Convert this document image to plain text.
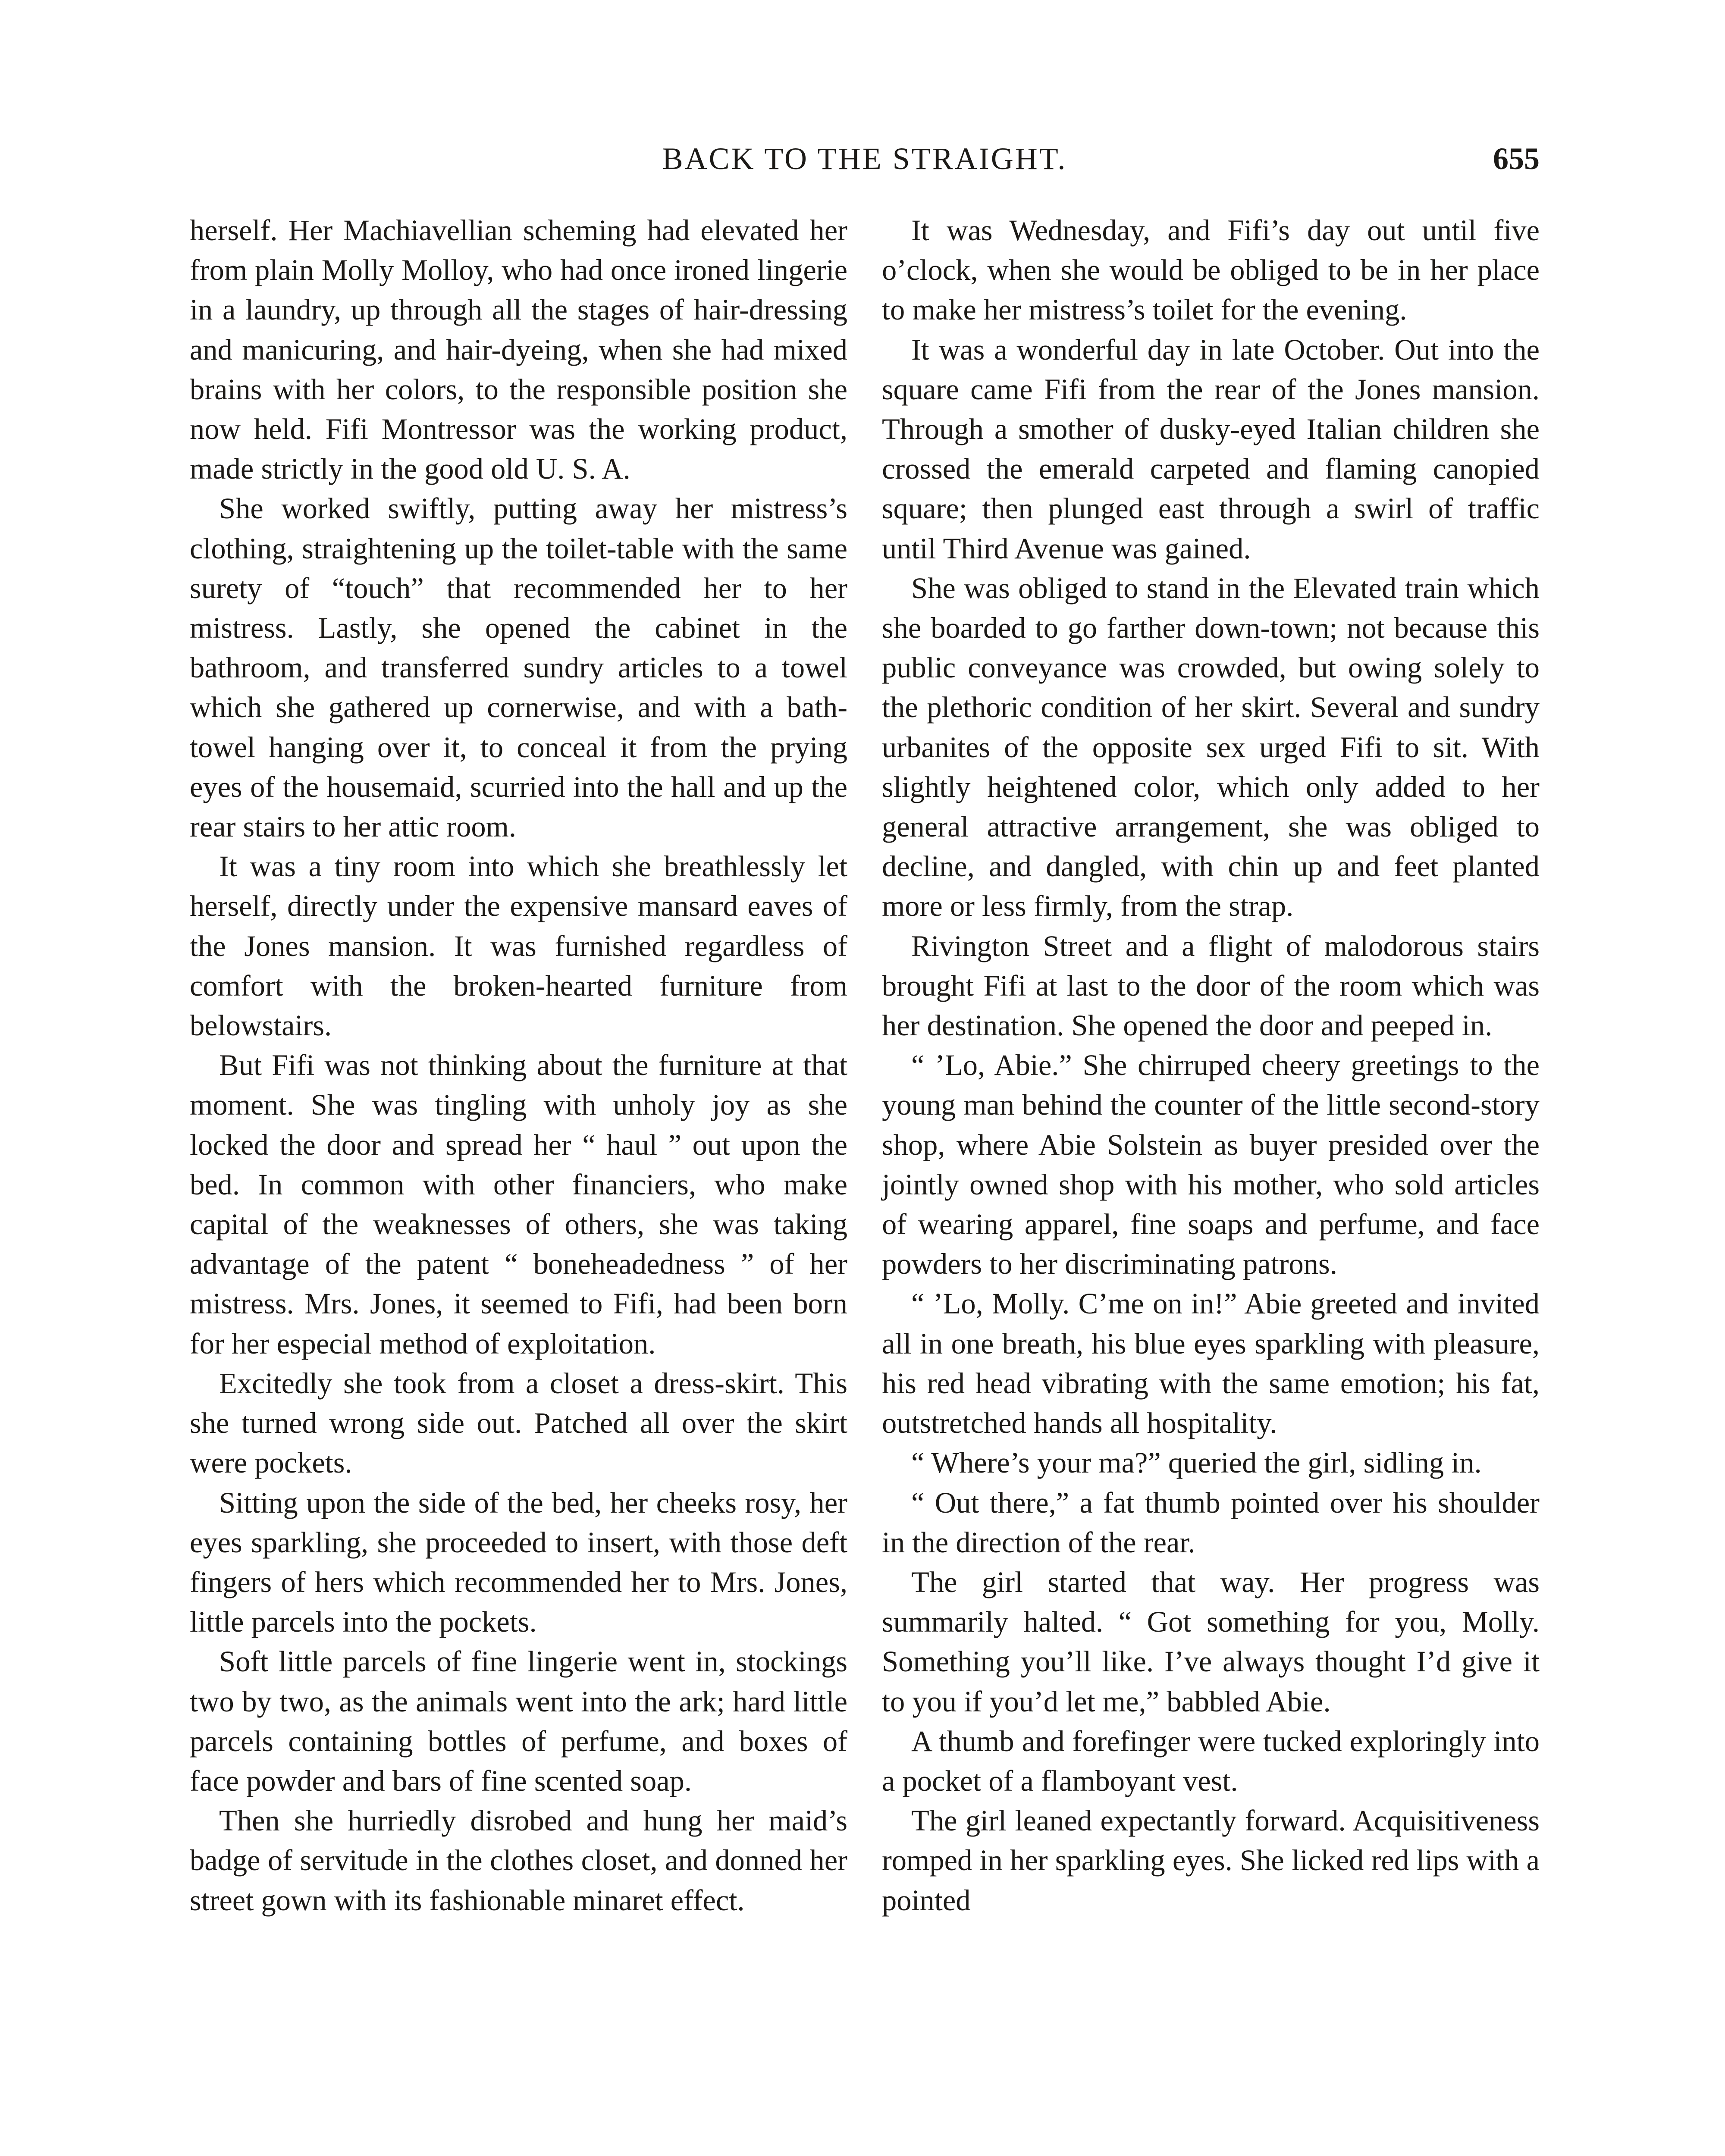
BACK TO THE STRAIGHT.	655

herself. Her Machiavellian scheming had elevated her from plain Molly Molloy, who had once ironed lingerie in a laundry, up through all the stages of hair-dressing and manicuring, and hair-dyeing, when she had mixed brains with her colors, to the responsible position she now held. Fifi Montressor was the working product, made strictly in the good old U. S. A.

She worked swiftly, putting away her mistress’s clothing, straightening up the toilet-table with the same surety of “touch” that recommended her to her mistress. Lastly, she opened the cabinet in the bathroom, and transferred sundry articles to a towel which she gathered up cornerwise, and with a bath-towel hanging over it, to conceal it from the prying eyes of the housemaid, scurried into the hall and up the rear stairs to her attic room.

It was a tiny room into which she breathlessly let herself, directly under the expensive mansard eaves of the Jones mansion. It was furnished regardless of comfort with the broken-hearted furniture from belowstairs.

But Fifi was not thinking about the furniture at that moment. She was tingling with unholy joy as she locked the door and spread her “ haul ” out upon the bed. In common with other financiers, who make capital of the weaknesses of others, she was taking advantage of the patent “ boneheadedness ” of her mistress. Mrs. Jones, it seemed to Fifi, had been born for her especial method of exploitation.

Excitedly she took from a closet a dress-skirt. This she turned wrong side out. Patched all over the skirt were pockets.

Sitting upon the side of the bed, her cheeks rosy, her eyes sparkling, she proceeded to insert, with those deft fingers of hers which recommended her to Mrs. Jones, little parcels into the pockets.

Soft little parcels of fine lingerie went in, stockings two by two, as the animals went into the ark; hard little parcels containing bottles of perfume, and boxes of face powder and bars of fine scented soap.

Then she hurriedly disrobed and hung her maid’s badge of servitude in the clothes closet, and donned her street gown with its fashionable minaret effect.

It was Wednesday, and Fifi’s day out until five o’clock, when she would be obliged to be in her place to make her mistress’s toilet for the evening.

It was a wonderful day in late October. Out into the square came Fifi from the rear of the Jones mansion. Through a smother of dusky-eyed Italian children she crossed the emerald carpeted and flaming canopied square; then plunged east through a swirl of traffic until Third Avenue was gained.

She was obliged to stand in the Elevated train which she boarded to go farther down-town; not because this public conveyance was crowded, but owing solely to the plethoric condition of her skirt. Several and sundry urbanites of the opposite sex urged Fifi to sit. With slightly heightened color, which only added to her general attractive arrangement, she was obliged to decline, and dangled, with chin up and feet planted more or less firmly, from the strap.

Rivington Street and a flight of malodorous stairs brought Fifi at last to the door of the room which was her destination. She opened the door and peeped in.

“ ’Lo, Abie.” She chirruped cheery greetings to the young man behind the counter of the little second-story shop, where Abie Solstein as buyer presided over the jointly owned shop with his mother, who sold articles of wearing apparel, fine soaps and perfume, and face powders to her discriminating patrons.

“ ’Lo, Molly. C’me on in!” Abie greeted and invited all in one breath, his blue eyes sparkling with pleasure, his red head vibrating with the same emotion; his fat, outstretched hands all hospitality.

“ Where’s your ma?” queried the girl, sidling in.

“ Out there,” a fat thumb pointed over his shoulder in the direction of the rear.

The girl started that way. Her progress was summarily halted. “ Got something for you, Molly. Something you’ll like. I’ve always thought I’d give it to you if you’d let me,” babbled Abie.

A thumb and forefinger were tucked exploringly into a pocket of a flamboyant vest.

The girl leaned expectantly forward. Acquisitiveness romped in her sparkling eyes. She licked red lips with a pointed
